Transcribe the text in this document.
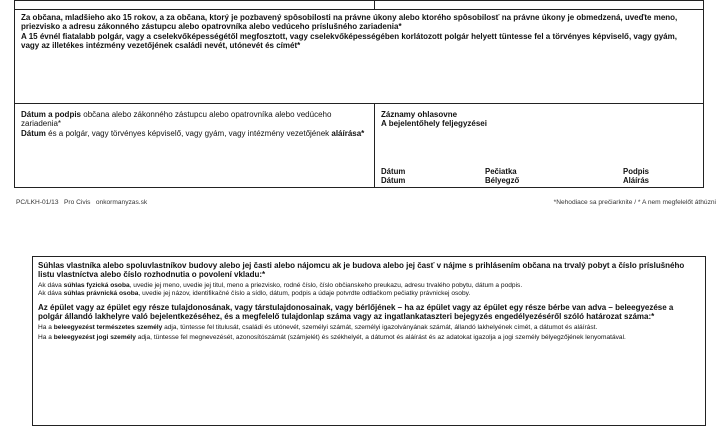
Za občana, mladšieho ako 15 rokov, a za občana, ktorý je pozbavený spôsobilosti na právne úkony alebo ktorého spôsobilosť na právne úkony je obmedzená, uveďte meno, priezvisko a adresu zákonného zástupcu alebo opatrovníka alebo vedúceho príslušného zariadenia*
A 15 évnél fiatalabb polgár, vagy a cselekvőképességétől megfosztott, vagy cselekvőképességében korlátozott polgár helyett tüntesse fel a törvényes képviselő, vagy gyám, vagy az illetékes intézmény vezetőjének családi nevét, utónevét és címét*
Dátum a podpis občana alebo zákonného zástupcu alebo opatrovníka alebo vedúceho zariadenia*
Dátum és a polgár, vagy törvényes képviselő, vagy gyám, vagy intézmény vezetőjének aláírása*
Záznamy ohlasovne
A bejelentőhely feljegyzései
Dátum
Dátum
Pečiatka
Bélyegző
Podpis
Aláírás
PC/LKH-01/13   Pro Civis   onkormanyzas.sk	*Nehodiace sa prečiarknite / * A nem megfelelőt áthúzni
Súhlas vlastníka alebo spoluvlastníkov budovy alebo jej časti alebo nájomcu ak je budova alebo jej časť v nájme s prihlásením občana na trvalý pobyt a číslo príslušného listu vlastníctva alebo číslo rozhodnutia o povolení vkladu:*
Ak dáva súhlas fyzická osoba, uvedie jej meno, uvedie jej titul, meno a priezvisko, rodné číslo, číslo občianskeho preukazu, adresu trvalého pobytu, dátum a podpis.
Ak dáva súhlas právnická osoba, uvedie jej názov, identifikačné číslo a sídlo, dátum, podpis a údaje potvrdte odtlačkom pečiatky právnickej osoby.
Az épület vagy az épület egy része tulajdonosának, vagy társtulajdonosainak, vagy bérlőjének – ha az épület vagy az épület egy része bérbe van adva – beleegyezése a polgár állandó lakhelyre való bejelentkezéséhez, és a megfelelő tulajdonlap száma vagy az ingatlankataszteri bejegyzés engedélyezéséről szóló határozat száma:*
Ha a beleegyezést természetes személy adja, tüntesse fel titulusát, családi és utónevét, személyi számát, személyi igazolványának számát, állandó lakhelyének címét, a dátumot és aláírást.
Ha a beleegyezést jogi személy adja, tüntesse fel megnevezését, azonosítószámát (számjelét) és székhelyét, a dátumot és aláírást és az adatokat igazolja a jogi személy bélyegzőjének lenyomatával.
